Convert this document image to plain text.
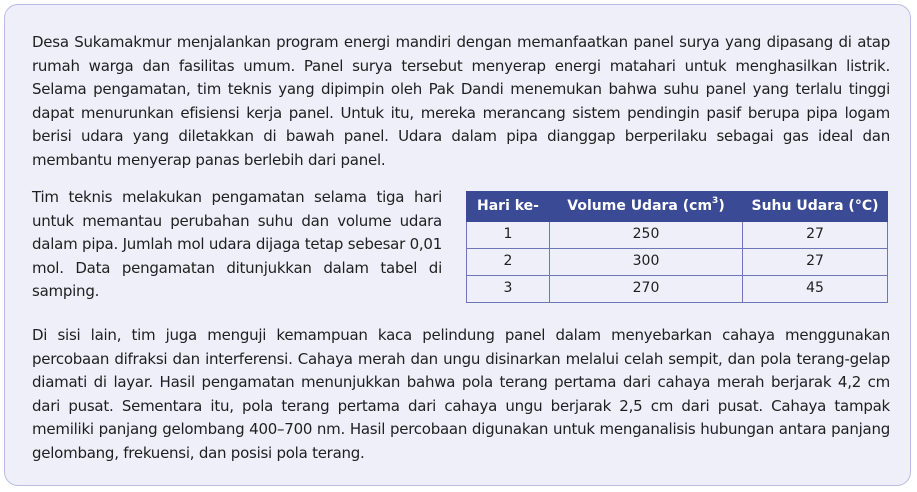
Desa Sukamakmur menjalankan program energi mandiri dengan memanfaatkan panel surya yang dipasang di atap rumah warga dan fasilitas umum. Panel surya tersebut menyerap energi matahari untuk menghasilkan listrik. Selama pengamatan, tim teknis yang dipimpin oleh Pak Dandi menemukan bahwa suhu panel yang terlalu tinggi dapat menurunkan efisiensi kerja panel. Untuk itu, mereka merancang sistem pendingin pasif berupa pipa logam berisi udara yang diletakkan di bawah panel. Udara dalam pipa dianggap berperilaku sebagai gas ideal dan membantu menyerap panas berlebih dari panel.

Tim teknis melakukan pengamatan selama tiga hari untuk memantau perubahan suhu dan volume udara dalam pipa. Jumlah mol udara dijaga tetap sebesar 0,01 mol. Data pengamatan ditunjukkan dalam tabel di samping.

Hari ke-	Volume Udara $(cm^3)$	Suhu Udara (°C)
1	250	27
2	300	27
3	270	45

Di sisi lain, tim juga menguji kemampuan kaca pelindung panel dalam menyebarkan cahaya menggunakan percobaan difraksi dan interferensi. Cahaya merah dan ungu disinarkan melalui celah sempit, dan pola terang-gelap diamati di layar. Hasil pengamatan menunjukkan bahwa pola terang pertama dari cahaya merah berjarak 4,2 cm dari pusat. Sementara itu, pola terang pertama dari cahaya ungu berjarak 2,5 cm dari pusat. Cahaya tampak memiliki panjang gelombang 400–700 nm. Hasil percobaan digunakan untuk menganalisis hubungan antara panjang gelombang, frekuensi, dan posisi pola terang.
